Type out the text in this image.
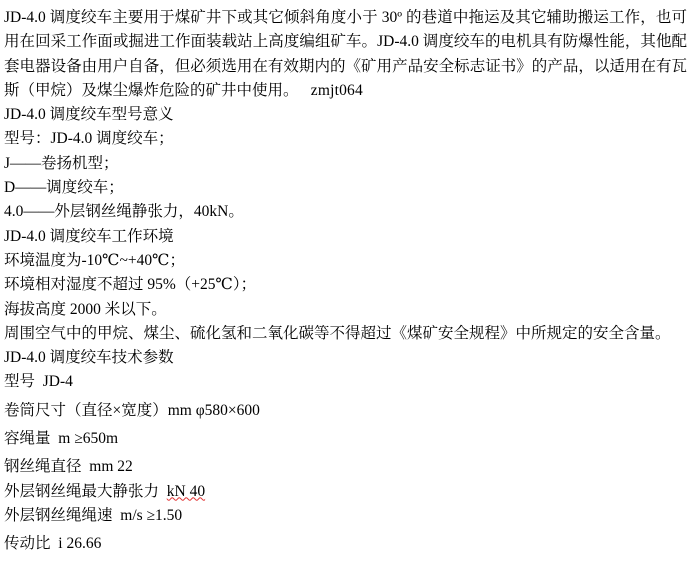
JD-4.0 调度绞车主要用于煤矿井下或其它倾斜角度小于 30º 的巷道中拖运及其它辅助搬运工作，也可用在回采工作面或掘进工作面装载站上高度编组矿车。JD-4.0 调度绞车的电机具有防爆性能，其他配套电器设备由用户自备，但必须选用在有效期内的《矿用产品安全标志证书》的产品，以适用在有瓦斯（甲烷）及煤尘爆炸危险的矿井中使用。 zmjt064

JD-4.0 调度绞车型号意义

型号：JD-4.0 调度绞车；

J——卷扬机型；

D——调度绞车；

4.0——外层钢丝绳静张力，40kN。

JD-4.0 调度绞车工作环境

环境温度为-10℃~+40℃；

环境相对湿度不超过 95%（+25℃）；

海拔高度 2000 米以下。

周围空气中的甲烷、煤尘、硫化氢和二氧化碳等不得超过《煤矿安全规程》中所规定的安全含量。

JD-4.0 调度绞车技术参数

型号 JD-4

卷筒尺寸（直径×宽度）mm φ580×600

容绳量 m ≥650m

钢丝绳直径 mm 22

外层钢丝绳最大静张力 kN 40

外层钢丝绳绳速 m/s ≥1.50

传动比 i 26.66
